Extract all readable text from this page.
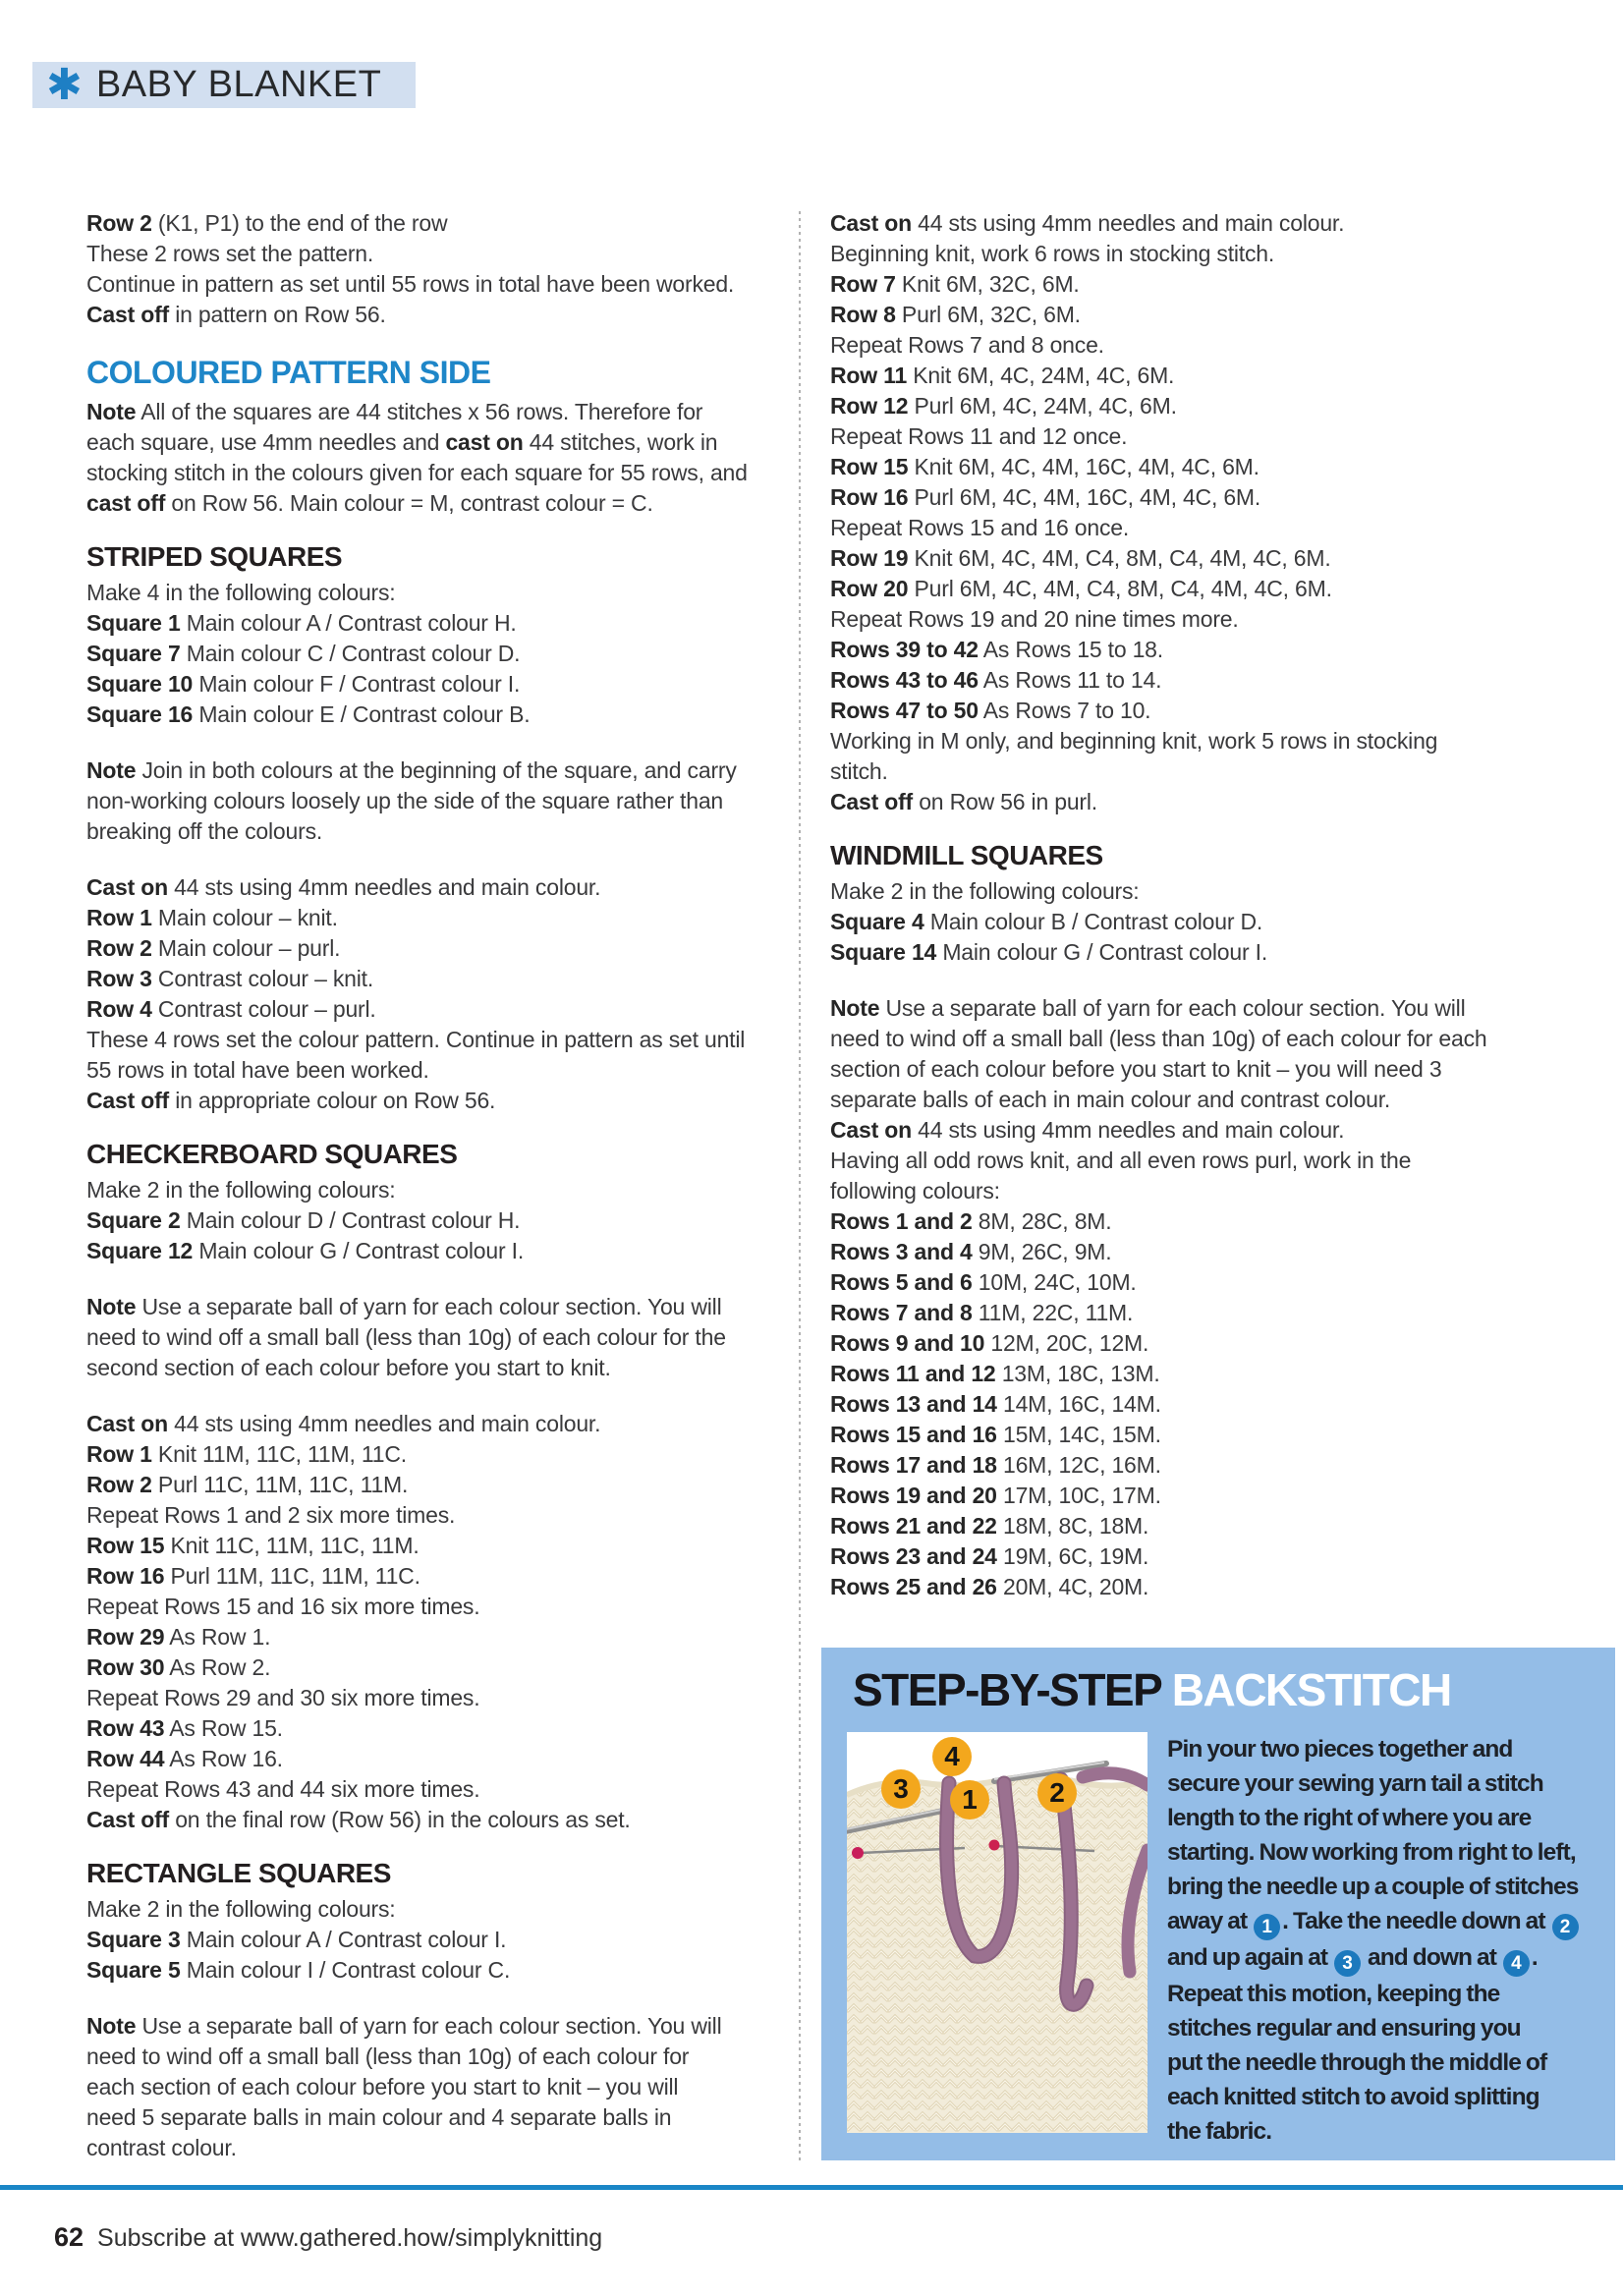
✱ BABY BLANKET
Row 2 (K1, P1) to the end of the row
These 2 rows set the pattern.
Continue in pattern as set until 55 rows in total have been worked.
Cast off in pattern on Row 56.
COLOURED PATTERN SIDE
Note All of the squares are 44 stitches x 56 rows. Therefore for
each square, use 4mm needles and cast on 44 stitches, work in
stocking stitch in the colours given for each square for 55 rows, and
cast off on Row 56. Main colour = M, contrast colour = C.
STRIPED SQUARES
Make 4 in the following colours:
Square 1 Main colour A / Contrast colour H.
Square 7 Main colour C / Contrast colour D.
Square 10 Main colour F / Contrast colour I.
Square 16 Main colour E / Contrast colour B.
Note Join in both colours at the beginning of the square, and carry
non-working colours loosely up the side of the square rather than
breaking off the colours.
Cast on 44 sts using 4mm needles and main colour.
Row 1 Main colour – knit.
Row 2 Main colour – purl.
Row 3 Contrast colour – knit.
Row 4 Contrast colour – purl.
These 4 rows set the colour pattern. Continue in pattern as set until
55 rows in total have been worked.
Cast off in appropriate colour on Row 56.
CHECKERBOARD SQUARES
Make 2 in the following colours:
Square 2 Main colour D / Contrast colour H.
Square 12 Main colour G / Contrast colour I.
Note Use a separate ball of yarn for each colour section. You will
need to wind off a small ball (less than 10g) of each colour for the
second section of each colour before you start to knit.
Cast on 44 sts using 4mm needles and main colour.
Row 1 Knit 11M, 11C, 11M, 11C.
Row 2 Purl 11C, 11M, 11C, 11M.
Repeat Rows 1 and 2 six more times.
Row 15 Knit 11C, 11M, 11C, 11M.
Row 16 Purl 11M, 11C, 11M, 11C.
Repeat Rows 15 and 16 six more times.
Row 29 As Row 1.
Row 30 As Row 2.
Repeat Rows 29 and 30 six more times.
Row 43 As Row 15.
Row 44 As Row 16.
Repeat Rows 43 and 44 six more times.
Cast off on the final row (Row 56) in the colours as set.
RECTANGLE SQUARES
Make 2 in the following colours:
Square 3 Main colour A / Contrast colour I.
Square 5 Main colour I / Contrast colour C.
Note Use a separate ball of yarn for each colour section. You will
need to wind off a small ball (less than 10g) of each colour for
each section of each colour before you start to knit – you will
need 5 separate balls in main colour and 4 separate balls in
contrast colour.
Cast on 44 sts using 4mm needles and main colour.
Beginning knit, work 6 rows in stocking stitch.
Row 7 Knit 6M, 32C, 6M.
Row 8 Purl 6M, 32C, 6M.
Repeat Rows 7 and 8 once.
Row 11 Knit 6M, 4C, 24M, 4C, 6M.
Row 12 Purl 6M, 4C, 24M, 4C, 6M.
Repeat Rows 11 and 12 once.
Row 15 Knit 6M, 4C, 4M, 16C, 4M, 4C, 6M.
Row 16 Purl 6M, 4C, 4M, 16C, 4M, 4C, 6M.
Repeat Rows 15 and 16 once.
Row 19 Knit 6M, 4C, 4M, C4, 8M, C4, 4M, 4C, 6M.
Row 20 Purl 6M, 4C, 4M, C4, 8M, C4, 4M, 4C, 6M.
Repeat Rows 19 and 20 nine times more.
Rows 39 to 42 As Rows 15 to 18.
Rows 43 to 46 As Rows 11 to 14.
Rows 47 to 50 As Rows 7 to 10.
Working in M only, and beginning knit, work 5 rows in stocking
stitch.
Cast off on Row 56 in purl.
WINDMILL SQUARES
Make 2 in the following colours:
Square 4 Main colour B / Contrast colour D.
Square 14 Main colour G / Contrast colour I.
Note Use a separate ball of yarn for each colour section. You will
need to wind off a small ball (less than 10g) of each colour for each
section of each colour before you start to knit – you will need 3
separate balls of each in main colour and contrast colour.
Cast on 44 sts using 4mm needles and main colour.
Having all odd rows knit, and all even rows purl, work in the
following colours:
Rows 1 and 2 8M, 28C, 8M.
Rows 3 and 4 9M, 26C, 9M.
Rows 5 and 6 10M, 24C, 10M.
Rows 7 and 8 11M, 22C, 11M.
Rows 9 and 10 12M, 20C, 12M.
Rows 11 and 12 13M, 18C, 13M.
Rows 13 and 14 14M, 16C, 14M.
Rows 15 and 16 15M, 14C, 15M.
Rows 17 and 18 16M, 12C, 16M.
Rows 19 and 20 17M, 10C, 17M.
Rows 21 and 22 18M, 8C, 18M.
Rows 23 and 24 19M, 6C, 19M.
Rows 25 and 26 20M, 4C, 20M.
STEP-BY-STEP BACKSTITCH
4
3	1	2
Pin your two pieces together and
secure your sewing yarn tail a stitch
length to the right of where you are
starting. Now working from right to left,
bring the needle up a couple of stitches
away at 1 . Take the needle down at 2
and up again at 3 and down at 4 .
Repeat this motion, keeping the
stitches regular and ensuring you
put the needle through the middle of
each knitted stitch to avoid splitting
the fabric.
62 Subscribe at www.gathered.how/simplyknitting
